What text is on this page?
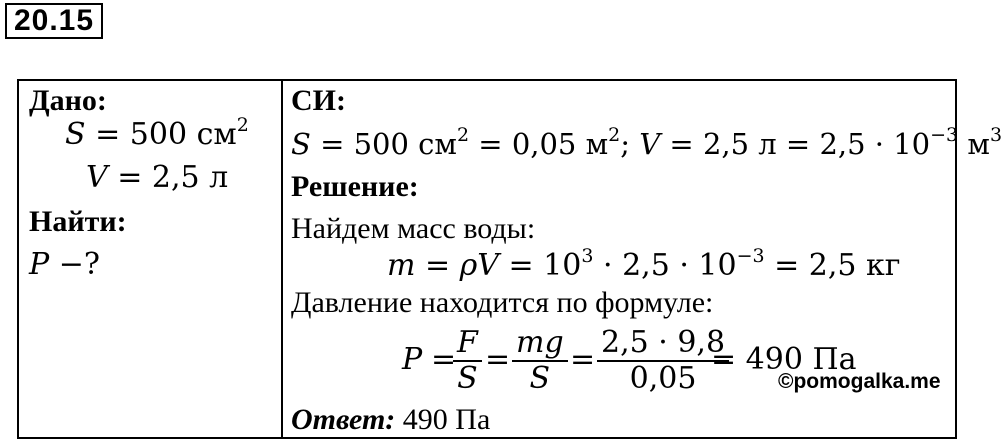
20.15
Дано:
S = 500 $см^2$
V = 2,5 л
Найти:
P −?
СИ:
S = 500 $см^2 = 0,05$ $м^2$; V = 2,5 $л = 2,5 \cdot 10^{-3}$ $м^3$
Решение:
Найдем масс воды:
$m = \rho V = 10^3 \cdot 2,5 \cdot 10^{-3} = 2,5$ кг
Давление находится по формуле:
P =
$\frac{F}{S} = \frac{mg}{S} = \frac{2,5 \cdot 9,8}{0,05}$
= 490 Па
©pomogalka.me
Ответ: 490 Па
